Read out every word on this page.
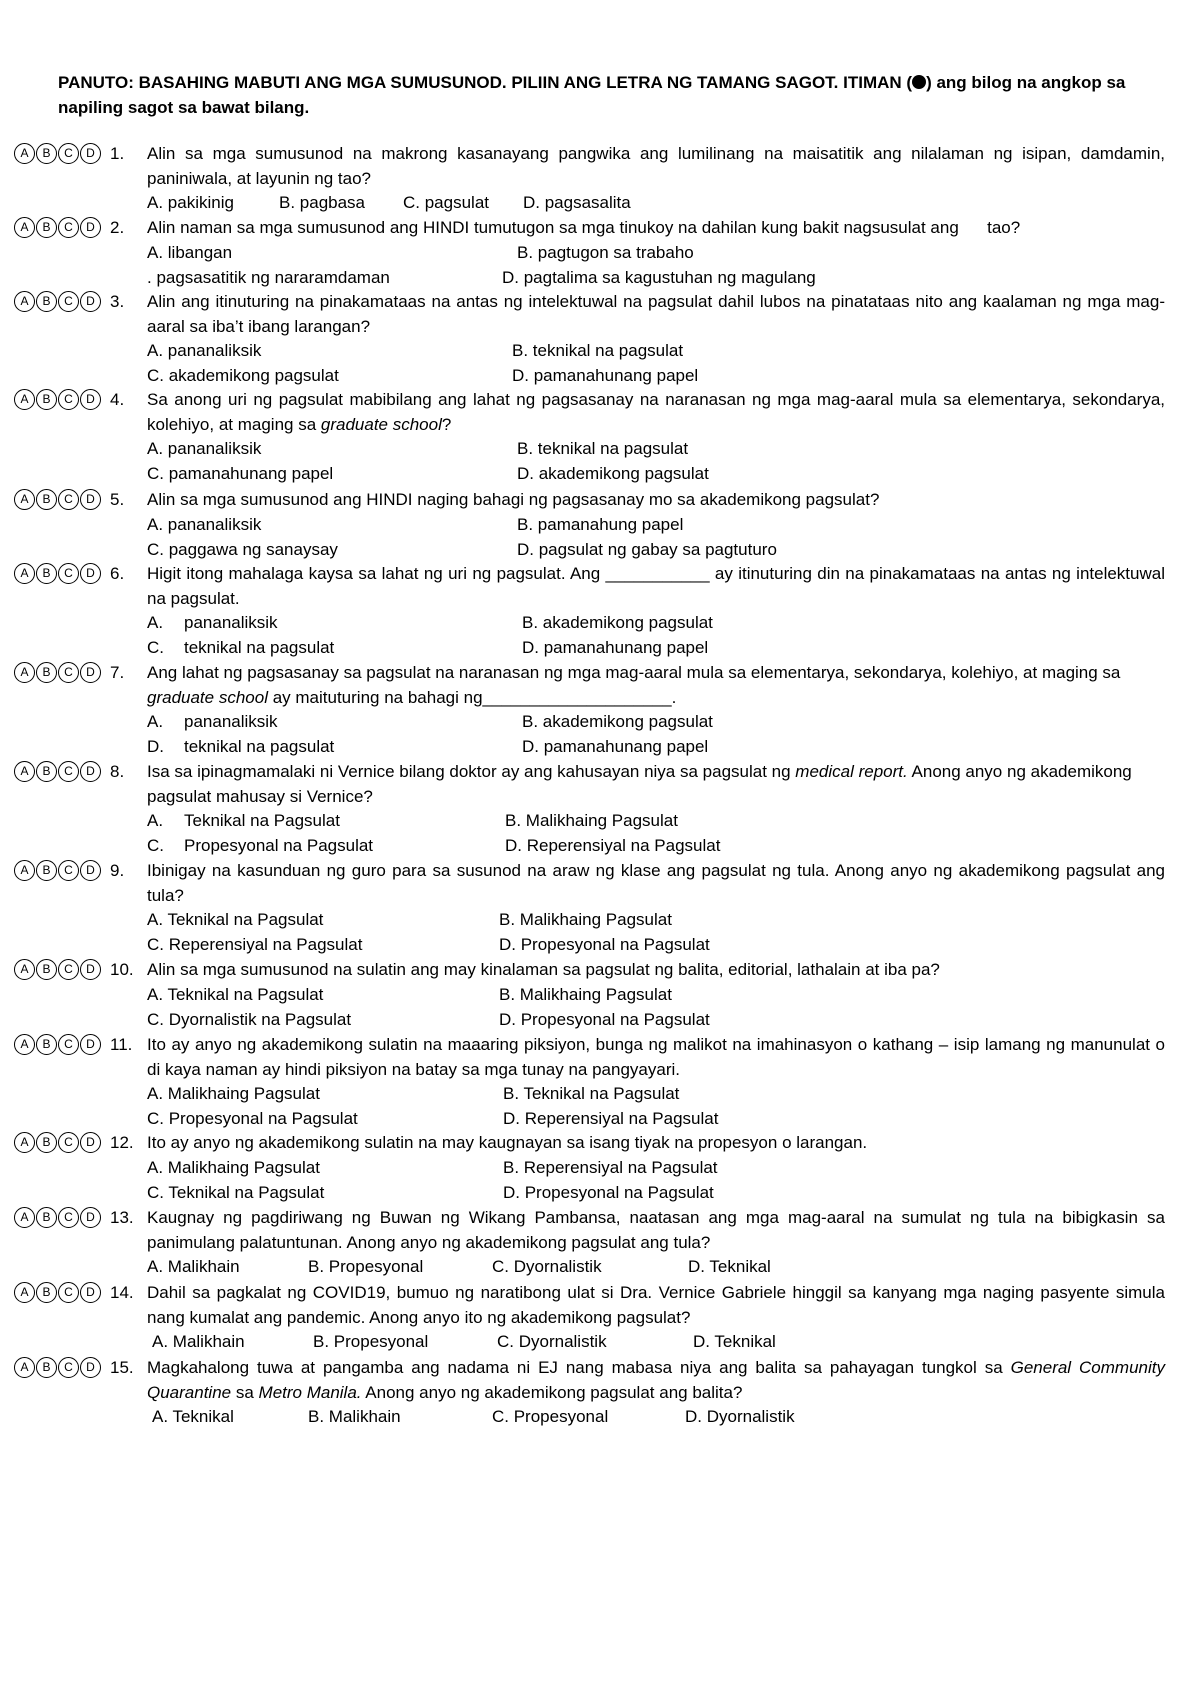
PANUTO: BASAHING MABUTI ANG MGA SUMUSUNOD. PILIIN ANG LETRA NG TAMANG SAGOT. ITIMAN ( ) ang bilog na angkop sa napiling sagot sa bawat bilang.
A	B	C	D 1.	Alin sa mga sumusunod na makrong kasanayang pangwika ang lumilinang na maisatitik ang nilalaman ng isipan, damdamin, paniniwala, at layunin ng tao?
A. pakikinig	B. pagbasa C. pagsulat D. pagsasalita
A	B	C	D 2.	Alin naman sa mga sumusunod ang HINDI tumutugon sa mga tinukoy na dahilan kung bakit nagsusulat ang      tao?
A. libangan	B. pagtugon sa trabaho
. pagsasatitik ng nararamdaman	D. pagtalima sa kagustuhan ng magulang
A	B	C	D 3.	Alin ang itinuturing na pinakamataas na antas ng intelektuwal na pagsulat dahil lubos na pinatataas nito ang kaalaman ng mga mag-aaral sa iba’t ibang larangan?
A. pananaliksik	B. teknikal na pagsulat
C. akademikong pagsulat	D. pamanahunang papel
A	B	C	D 4.	Sa anong uri ng pagsulat mabibilang ang lahat ng pagsasanay na naranasan ng mga mag-aaral mula sa elementarya, sekondarya, kolehiyo, at maging sa graduate school?
A. pananaliksik	B. teknikal na pagsulat
C. pamanahunang papel	D. akademikong pagsulat
A	B	C	D 5.	Alin sa mga sumusunod ang HINDI naging bahagi ng pagsasanay mo sa akademikong pagsulat?
A. pananaliksik	B. pamanahung papel
C. paggawa ng sanaysay	D. pagsulat ng gabay sa pagtuturo
A	B	C	D 6.	Higit itong mahalaga kaysa sa lahat ng uri ng pagsulat. Ang ___________ ay itinuturing din na pinakamataas na antas ng intelektuwal na pagsulat.
A. pananaliksik	B. akademikong pagsulat
C. teknikal na pagsulat	D. pamanahunang papel
A	B	C	D 7.	Ang lahat ng pagsasanay sa pagsulat na naranasan ng mga mag-aaral mula sa elementarya, sekondarya, kolehiyo, at maging sa graduate school ay maituturing na bahagi ng____________________.
A. pananaliksik	B. akademikong pagsulat
D. teknikal na pagsulat	D. pamanahunang papel
A	B	C	D 8.	Isa sa ipinagmamalaki ni Vernice bilang doktor ay ang kahusayan niya sa pagsulat ng medical report. Anong anyo ng akademikong pagsulat mahusay si Vernice?
A. Teknikal na Pagsulat	B. Malikhaing Pagsulat
C. Propesyonal na Pagsulat	D. Reperensiyal na Pagsulat
A	B	C	D 9.	Ibinigay na kasunduan ng guro para sa susunod na araw ng klase ang pagsulat ng tula. Anong anyo ng akademikong pagsulat ang tula?
A. Teknikal na Pagsulat	B. Malikhaing Pagsulat
C. Reperensiyal na Pagsulat	D. Propesyonal na Pagsulat
A	B	C	D 10. Alin sa mga sumusunod na sulatin ang may kinalaman sa pagsulat ng balita, editorial, lathalain at iba pa?
A. Teknikal na Pagsulat	B. Malikhaing Pagsulat
C. Dyornalistik na Pagsulat	D. Propesyonal na Pagsulat
A	B	C	D 11. Ito ay anyo ng akademikong sulatin na maaaring piksiyon, bunga ng malikot na imahinasyon o kathang – isip lamang ng manunulat o di kaya naman ay hindi piksiyon na batay sa mga tunay na pangyayari.
A. Malikhaing Pagsulat	B. Teknikal na Pagsulat
C. Propesyonal na Pagsulat	D. Reperensiyal na Pagsulat
A	B	C	D 12. Ito ay anyo ng akademikong sulatin na may kaugnayan sa isang tiyak na propesyon o larangan.
A. Malikhaing Pagsulat	B. Reperensiyal na Pagsulat
C. Teknikal na Pagsulat	D. Propesyonal na Pagsulat
A	B	C	D 13. Kaugnay ng pagdiriwang ng Buwan ng Wikang Pambansa, naatasan ang mga mag-aaral na sumulat ng tula na bibigkasin sa panimulang palatuntunan. Anong anyo ng akademikong pagsulat ang tula?
A. Malikhain	B. Propesyonal	C. Dyornalistik	D. Teknikal
A	B	C	D 14. Dahil sa pagkalat ng COVID19, bumuo ng naratibong ulat si Dra. Vernice Gabriele hinggil sa kanyang mga naging pasyente simula nang kumalat ang pandemic. Anong anyo ito ng akademikong pagsulat?
A. Malikhain	B. Propesyonal	C. Dyornalistik	D. Teknikal
A	B	C	D 15. Magkahalong tuwa at pangamba ang nadama ni EJ nang mabasa niya ang balita sa pahayagan tungkol sa General Community Quarantine sa Metro Manila. Anong anyo ng akademikong pagsulat ang balita?
A. Teknikal	B. Malikhain	C. Propesyonal	D. Dyornalistik
